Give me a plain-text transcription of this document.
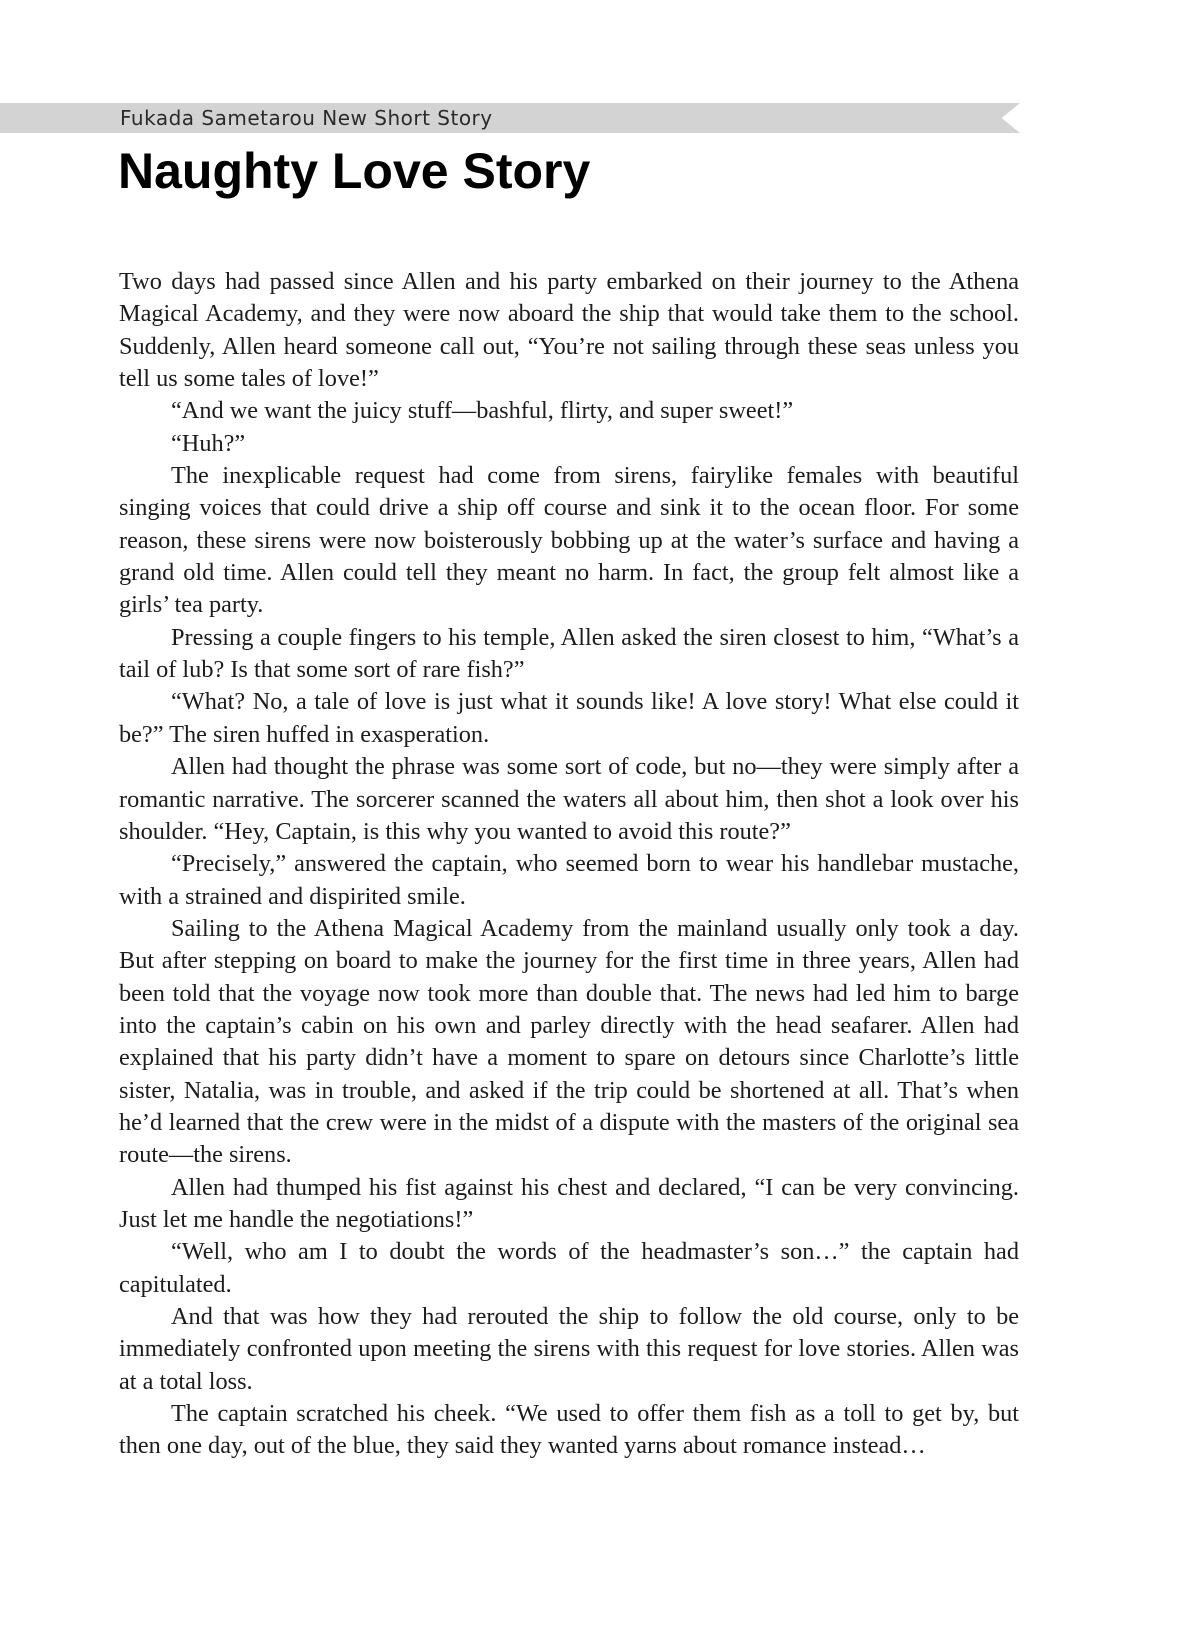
Fukada Sametarou New Short Story
Naughty Love Story

Two days had passed since Allen and his party embarked on their journey to the Athena Magical Academy, and they were now aboard the ship that would take them to the school. Suddenly, Allen heard someone call out, “You’re not sailing through these seas unless you tell us some tales of love!”

“And we want the juicy stuff—bashful, flirty, and super sweet!”

“Huh?”

The inexplicable request had come from sirens, fairylike females with beautiful singing voices that could drive a ship off course and sink it to the ocean floor. For some reason, these sirens were now boisterously bobbing up at the water’s surface and having a grand old time. Allen could tell they meant no harm. In fact, the group felt almost like a girls’ tea party.

Pressing a couple fingers to his temple, Allen asked the siren closest to him, “What’s a tail of lub? Is that some sort of rare fish?”

“What? No, a tale of love is just what it sounds like! A love story! What else could it be?” The siren huffed in exasperation.

Allen had thought the phrase was some sort of code, but no—they were simply after a romantic narrative. The sorcerer scanned the waters all about him, then shot a look over his shoulder. “Hey, Captain, is this why you wanted to avoid this route?”

“Precisely,” answered the captain, who seemed born to wear his handlebar mustache, with a strained and dispirited smile.

Sailing to the Athena Magical Academy from the mainland usually only took a day. But after stepping on board to make the journey for the first time in three years, Allen had been told that the voyage now took more than double that. The news had led him to barge into the captain’s cabin on his own and parley directly with the head seafarer. Allen had explained that his party didn’t have a moment to spare on detours since Charlotte’s little sister, Natalia, was in trouble, and asked if the trip could be shortened at all. That’s when he’d learned that the crew were in the midst of a dispute with the masters of the original sea route—the sirens.

Allen had thumped his fist against his chest and declared, “I can be very convincing. Just let me handle the negotiations!”

“Well, who am I to doubt the words of the headmaster’s son…” the captain had capitulated.

And that was how they had rerouted the ship to follow the old course, only to be immediately confronted upon meeting the sirens with this request for love stories. Allen was at a total loss.

The captain scratched his cheek. “We used to offer them fish as a toll to get by, but then one day, out of the blue, they said they wanted yarns about romance instead…
